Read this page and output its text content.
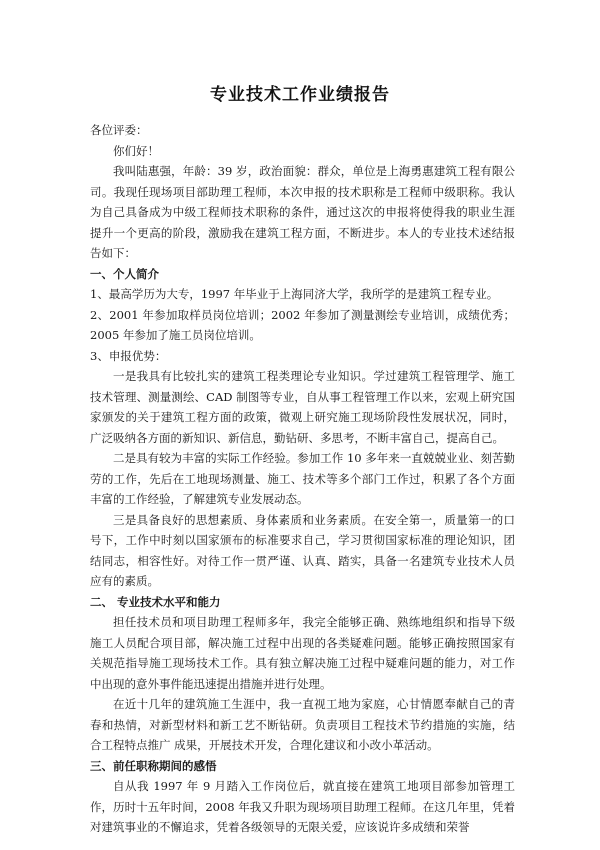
专业技术工作业绩报告

各位评委：

你们好！

我叫陆惠强，年龄：39 岁，政治面貌：群众，单位是上海勇惠建筑工程有限公司。我现任现场项目部助理工程师，本次申报的技术职称是工程师中级职称。我认为自己具备成为中级工程师技术职称的条件，通过这次的申报将使得我的职业生涯提升一个更高的阶段，激励我在建筑工程方面，不断进步。本人的专业技术述结报告如下：

一、个人简介

1、最高学历为大专，1997 年毕业于上海同济大学，我所学的是建筑工程专业。

2、2001 年参加取样员岗位培训；2002 年参加了测量测绘专业培训，成绩优秀；2005 年参加了施工员岗位培训。

3、申报优势：

一是我具有比较扎实的建筑工程类理论专业知识。学过建筑工程管理学、施工技术管理、测量测绘、CAD 制图等专业，自从事工程管理工作以来，宏观上研究国家颁发的关于建筑工程方面的政策，微观上研究施工现场阶段性发展状况，同时，广泛吸纳各方面的新知识、新信息，勤钻研、多思考，不断丰富自己，提高自己。

二是具有较为丰富的实际工作经验。参加工作 10 多年来一直兢兢业业、刻苦勤劳的工作，先后在工地现场测量、施工、技术等多个部门工作过，积累了各个方面丰富的工作经验，了解建筑专业发展动态。

三是具备良好的思想素质、身体素质和业务素质。在安全第一，质量第一的口号下，工作中时刻以国家颁布的标准要求自己，学习贯彻国家标准的理论知识，团结同志，相容性好。对待工作一贯严谨、认真、踏实，具备一名建筑专业技术人员应有的素质。

二、 专业技术水平和能力

担任技术员和项目助理工程师多年，我完全能够正确、熟练地组织和指导下级施工人员配合项目部，解决施工过程中出现的各类疑难问题。能够正确按照国家有关规范指导施工现场技术工作。具有独立解决施工过程中疑难问题的能力，对工作中出现的意外事件能迅速提出措施并进行处理。

在近十几年的建筑施工生涯中，我一直视工地为家庭，心甘情愿奉献自己的青春和热情，对新型材料和新工艺不断钻研。负责项目工程技术节约措施的实施，结合工程特点推广 成果，开展技术开发，合理化建议和小改小革活动。

三、前任职称期间的感悟

自从我 1997 年 9 月踏入工作岗位后，就直接在建筑工地项目部参加管理工作，历时十五年时间，2008 年我又升职为现场项目助理工程师。在这几年里，凭着对建筑事业的不懈追求，凭着各级领导的无限关爱，应该说许多成绩和荣誉
